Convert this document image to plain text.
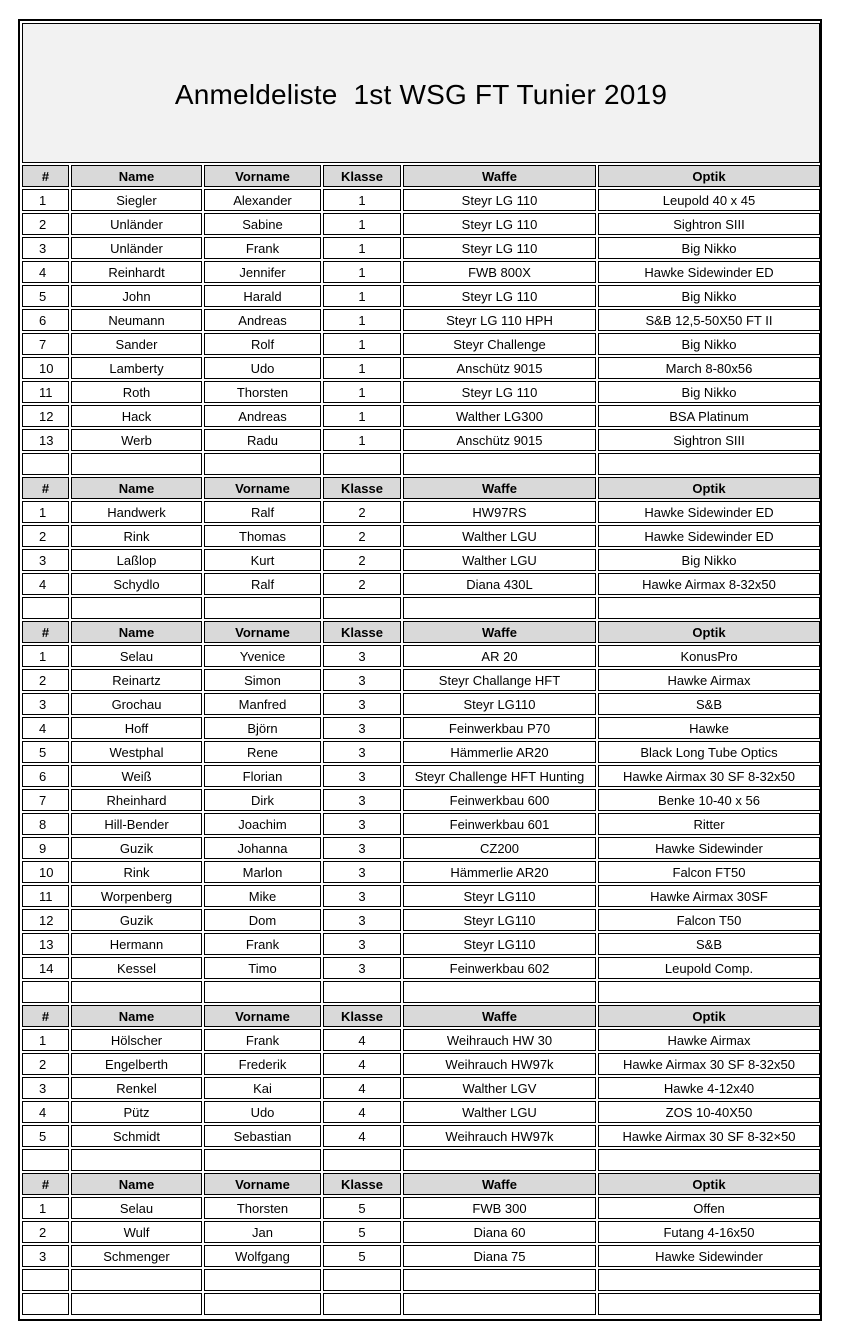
Anmeldeliste  1st WSG FT Tunier 2019
#	Name	Vorname	Klasse	Waffe	Optik
1	Siegler	Alexander	1	Steyr LG 110	Leupold 40 x 45
2	Unländer	Sabine	1	Steyr LG 110	Sightron SIII
3	Unländer	Frank	1	Steyr LG 110	Big Nikko
4	Reinhardt	Jennifer	1	FWB 800X	Hawke Sidewinder ED
5	John	Harald	1	Steyr LG 110	Big Nikko
6	Neumann	Andreas	1	Steyr LG 110 HPH	S&B 12,5-50X50 FT II
7	Sander	Rolf	1	Steyr Challenge	Big Nikko
10	Lamberty	Udo	1	Anschütz 9015	March 8-80x56
11	Roth	Thorsten	1	Steyr LG 110	Big Nikko
12	Hack	Andreas	1	Walther LG300	BSA Platinum
13	Werb	Radu	1	Anschütz 9015	Sightron SIII
#	Name	Vorname	Klasse	Waffe	Optik
1	Handwerk	Ralf	2	HW97RS	Hawke Sidewinder ED
2	Rink	Thomas	2	Walther LGU	Hawke Sidewinder ED
3	Laßlop	Kurt	2	Walther LGU	Big Nikko
4	Schydlo	Ralf	2	Diana 430L	Hawke Airmax 8-32x50
#	Name	Vorname	Klasse	Waffe	Optik
1	Selau	Yvenice	3	AR 20	KonusPro
2	Reinartz	Simon	3	Steyr Challange HFT	Hawke Airmax
3	Grochau	Manfred	3	Steyr LG110	S&B
4	Hoff	Björn	3	Feinwerkbau P70	Hawke
5	Westphal	Rene	3	Hämmerlie AR20	Black Long Tube Optics
6	Weiß	Florian	3	Steyr Challenge HFT Hunting	Hawke Airmax 30 SF 8-32x50
7	Rheinhard	Dirk	3	Feinwerkbau 600	Benke 10-40 x 56
8	Hill-Bender	Joachim	3	Feinwerkbau 601	Ritter
9	Guzik	Johanna	3	CZ200	Hawke Sidewinder
10	Rink	Marlon	3	Hämmerlie AR20	Falcon FT50
11	Worpenberg	Mike	3	Steyr LG110	Hawke Airmax 30SF
12	Guzik	Dom	3	Steyr LG110	Falcon T50
13	Hermann	Frank	3	Steyr LG110	S&B
14	Kessel	Timo	3	Feinwerkbau 602	Leupold Comp.
#	Name	Vorname	Klasse	Waffe	Optik
1	Hölscher	Frank	4	Weihrauch HW 30	Hawke Airmax
2	Engelberth	Frederik	4	Weihrauch HW97k	Hawke Airmax 30 SF 8-32x50
3	Renkel	Kai	4	Walther LGV	Hawke 4-12x40
4	Pütz	Udo	4	Walther LGU	ZOS 10-40X50
5	Schmidt	Sebastian	4	Weihrauch HW97k	Hawke Airmax 30 SF 8-32×50
#	Name	Vorname	Klasse	Waffe	Optik
1	Selau	Thorsten	5	FWB 300	Offen
2	Wulf	Jan	5	Diana 60	Futang 4-16x50
3	Schmenger	Wolfgang	5	Diana 75	Hawke Sidewinder
